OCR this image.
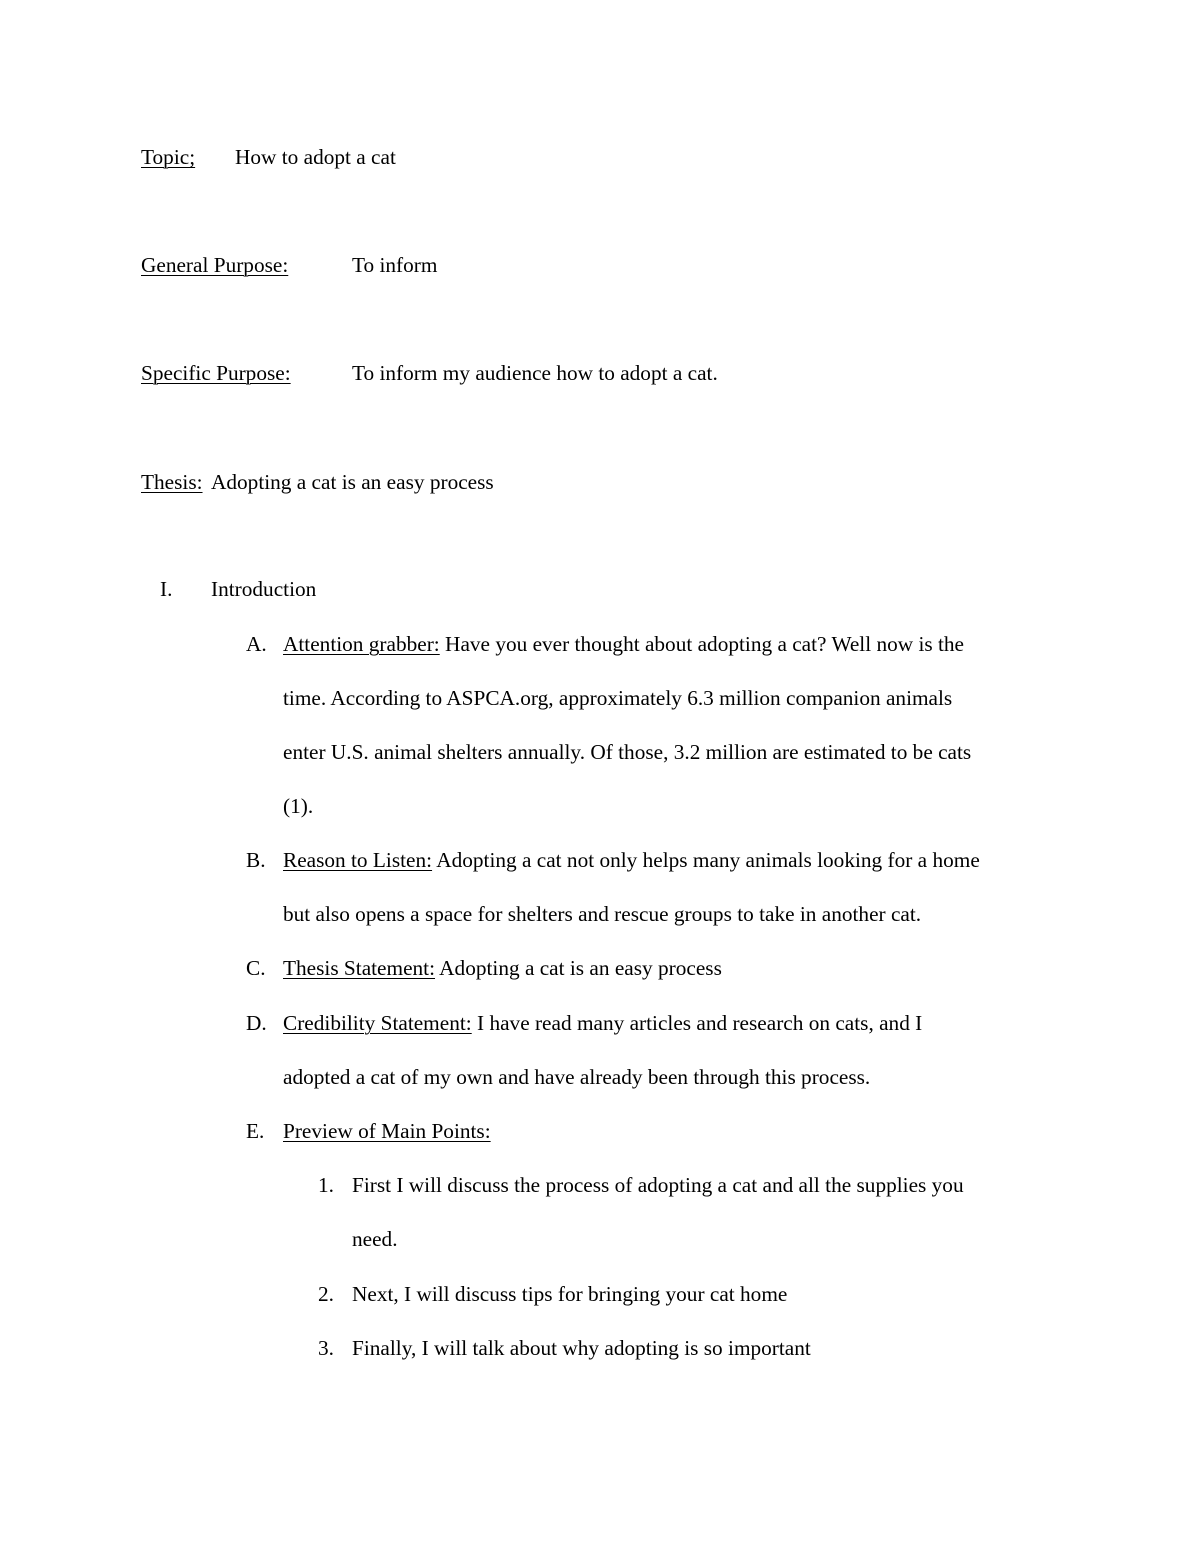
Topic; How to adopt a cat
General Purpose:	To inform
Specific Purpose:	To inform my audience how to adopt a cat.
Thesis: Adopting a cat is an easy process
I. Introduction
A. Attention grabber: Have you ever thought about adopting a cat? Well now is the
time. According to ASPCA.org, approximately 6.3 million companion animals
enter U.S. animal shelters annually. Of those, 3.2 million are estimated to be cats
(1).
B. Reason to Listen: Adopting a cat not only helps many animals looking for a home
but also opens a space for shelters and rescue groups to take in another cat.
C. Thesis Statement: Adopting a cat is an easy process
D. Credibility Statement: I have read many articles and research on cats, and I
adopted a cat of my own and have already been through this process.
E. Preview of Main Points:
1. First I will discuss the process of adopting a cat and all the supplies you
need.
2. Next, I will discuss tips for bringing your cat home
3. Finally, I will talk about why adopting is so important
